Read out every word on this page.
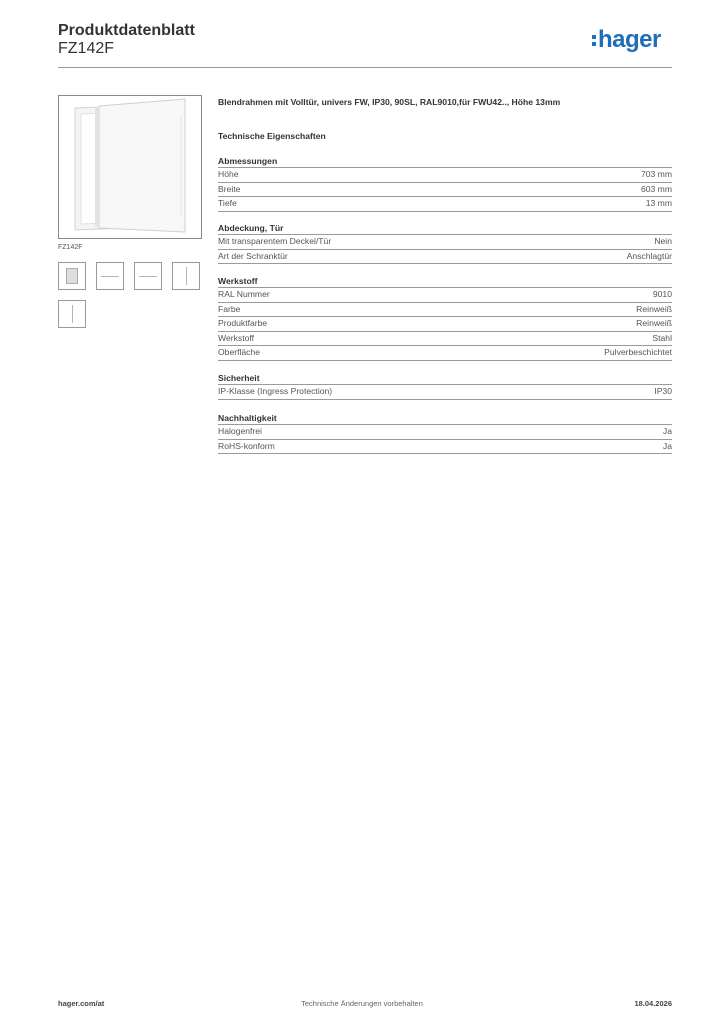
Produktdatenblatt
FZ142F	hager
FZ142F
Blendrahmen mit Volltür, univers FW, IP30, 90SL, RAL9010,für FWU42.., Höhe 13mm
Technische Eigenschaften
Abmessungen
Höhe	703 mm
Breite	603 mm
Tiefe	13 mm
Abdeckung, Tür
Mit transparentem Deckel/Tür	Nein
Art der Schranktür	Anschlagtür
Werkstoff
RAL Nummer	9010
Farbe	Reinweiß
Produktfarbe	Reinweiß
Werkstoff	Stahl
Oberfläche	Pulverbeschichtet
Sicherheit
IP-Klasse (Ingress Protection)	IP30
Nachhaltigkeit
Halogenfrei	Ja
RoHS-konform	Ja
hager.com/at	Technische Änderungen vorbehalten	18.04.2026
